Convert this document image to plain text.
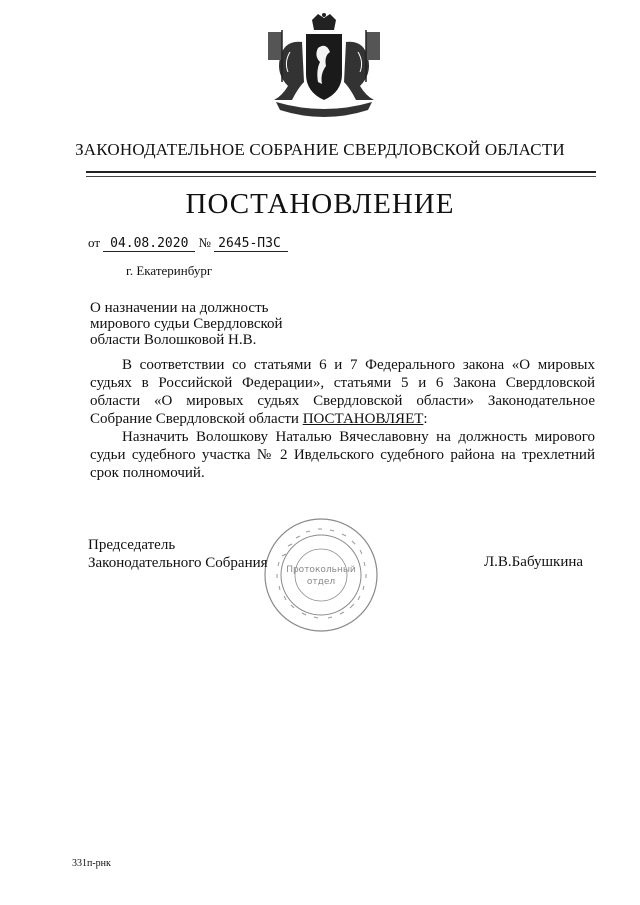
ЗАКОНОДАТЕЛЬНОЕ СОБРАНИЕ СВЕРДЛОВСКОЙ ОБЛАСТИ
ПОСТАНОВЛЕНИЕ
от 04.08.2020 № 2645-ПЗС
г. Екатеринбург
О назначении на должность
мирового судьи Свердловской
области Волошковой Н.В.

В соответствии со статьями 6 и 7 Федерального закона «О мировых судьях в Российской Федерации», статьями 5 и 6 Закона Свердловской области «О мировых судьях Свердловской области» Законодательное Собрание Свердловской области ПОСТАНОВЛЯЕТ:

Назначить Волошкову Наталью Вячеславовну на должность мирового судьи судебного участка № 2 Ивдельского судебного района на трехлетний срок полномочий.

Протокольный
отдел
Председатель
Законодательного Собрания	Л.В.Бабушкина
331п-рнк
